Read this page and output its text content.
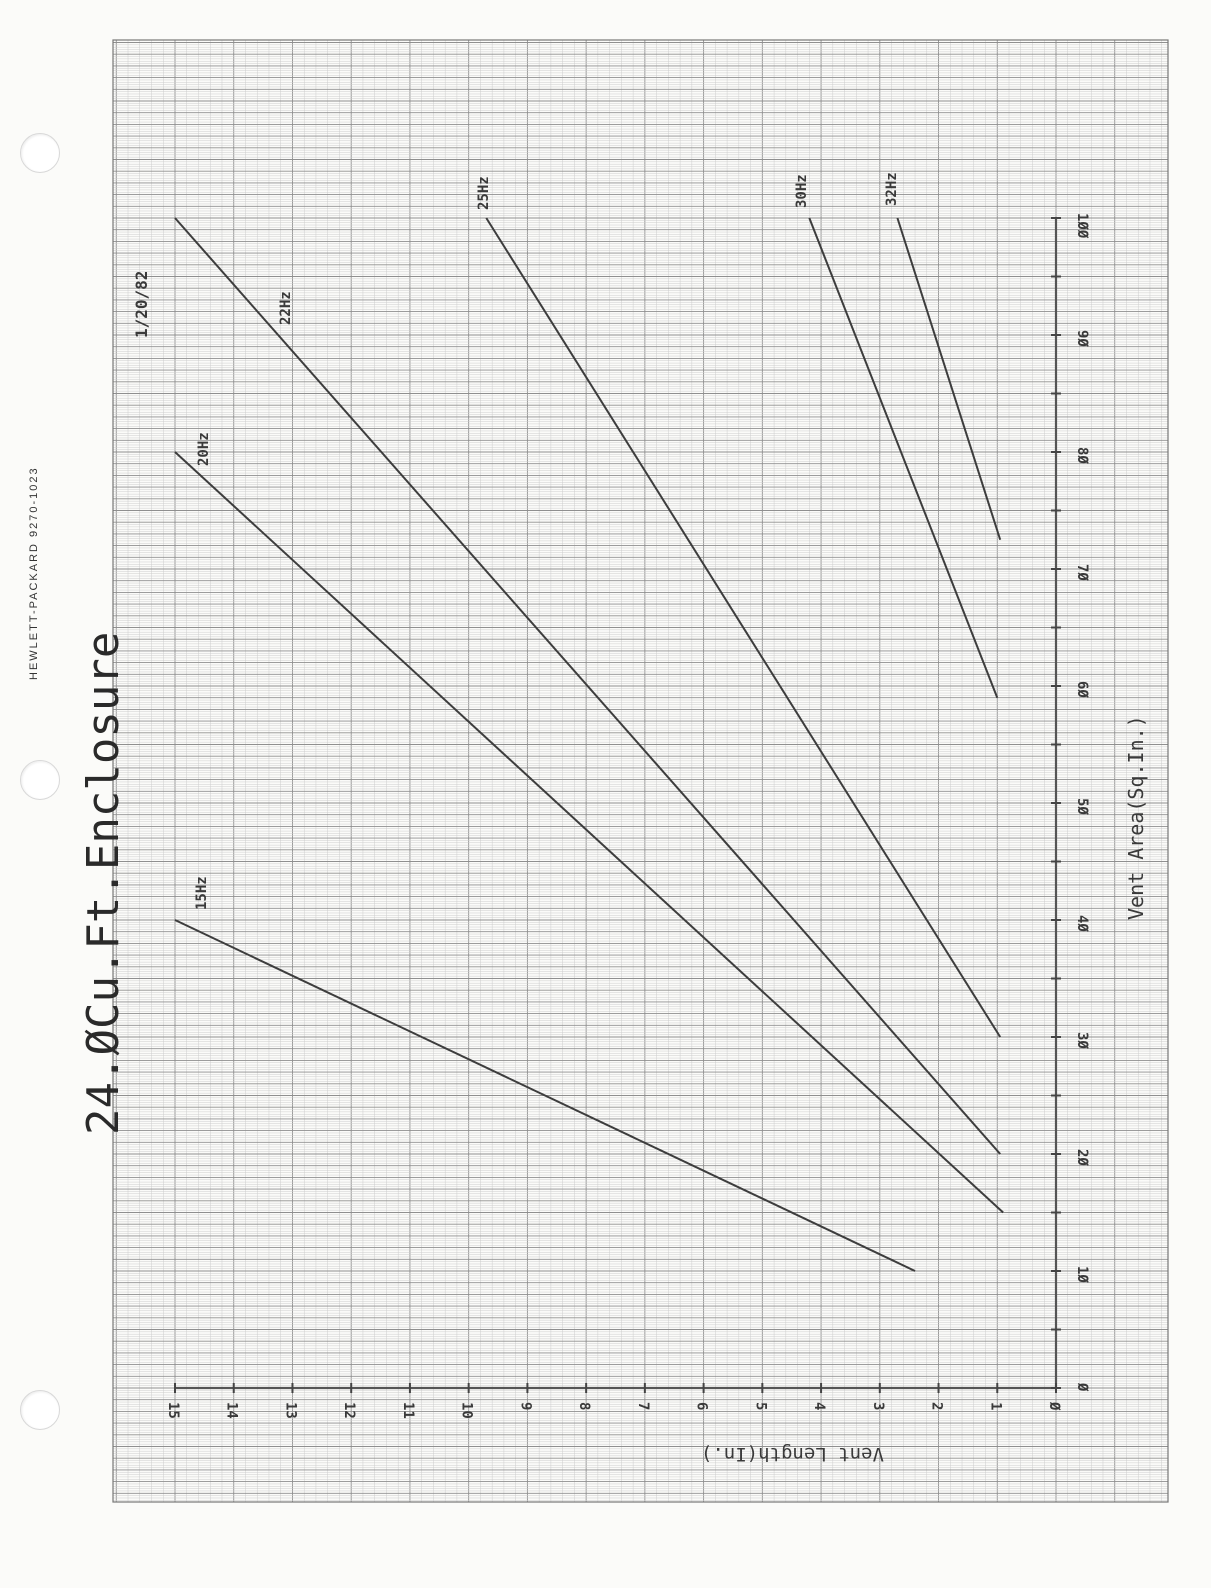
HEWLETT-PACKARD 9270-1023
Ø
1
2
3
4
5
6
7
8
9
10
11
12
13
14
15
Ø
1Ø
2Ø
3Ø
4Ø
5Ø
6Ø
7Ø
8Ø
9Ø
1ØØ
Vent Length(In.)
Vent Area(Sq.In.)
24.ØCu.Ft.Enclosure
1/20/82
15Hz
20Hz
22Hz
25Hz	30Hz	32Hz
